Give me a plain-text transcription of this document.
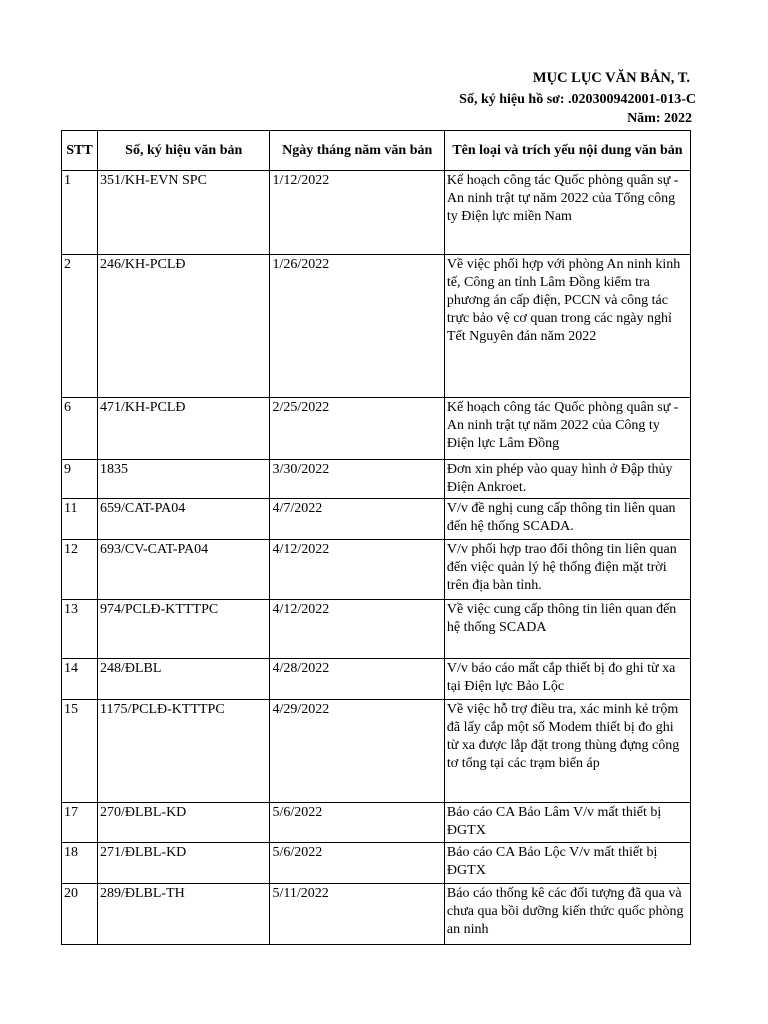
MỤC LỤC VĂN BẢN, T.
Số, ký hiệu hồ sơ: .020300942001-013-C
Năm: 2022
STT	Số, ký hiệu văn bản	Ngày tháng năm văn bản	Tên loại và trích yếu nội dung văn bản
1	351/KH-EVN SPC	1/12/2022	Kế hoạch công tác Quốc phòng quân sự - An ninh trật tự năm 2022 của Tổng công ty Điện lực miền Nam
2	246/KH-PCLĐ	1/26/2022	Về việc phối hợp với phòng An ninh kinh tế, Công an tỉnh Lâm Đồng kiểm tra phương án cấp điện, PCCN và công tác trực bảo vệ cơ quan trong các ngày nghỉ Tết Nguyên đán năm 2022
6	471/KH-PCLĐ	2/25/2022	Kế hoạch công tác Quốc phòng quân sự - An ninh trật tự năm 2022 của Công ty Điện lực Lâm Đồng
9	1835	3/30/2022	Đơn xin phép vào quay hình ở Đập thủy Điện Ankroet.
11	659/CAT-PA04	4/7/2022	V/v đề nghị cung cấp thông tin liên quan đến hệ thống SCADA.
12	693/CV-CAT-PA04	4/12/2022	V/v phối hợp trao đổi thông tin liên quan đến việc quản lý hệ thống điện mặt trời trên địa bàn tỉnh.
13	974/PCLĐ-KTTTPC	4/12/2022	Về việc cung cấp thông tin liên quan đến hệ thống SCADA
14	248/ĐLBL	4/28/2022	V/v báo cáo mất cắp thiết bị đo ghi từ xa tại Điện lực Bảo Lộc
15	1175/PCLĐ-KTTTPC	4/29/2022	Về việc hỗ trợ điều tra, xác minh kẻ trộm đã lấy cắp một số Modem thiết bị đo ghi từ xa được lắp đặt trong thùng đựng công tơ tổng tại các trạm biến áp
17	270/ĐLBL-KD	5/6/2022	Báo cáo CA Bảo Lâm V/v mất thiết bị ĐGTX
18	271/ĐLBL-KD	5/6/2022	Báo cáo CA Bảo Lộc V/v mất thiết bị ĐGTX
20	289/ĐLBL-TH	5/11/2022	Báo cáo thống kê các đối tượng đã qua và chưa qua bồi dưỡng kiến thức quốc phòng an ninh
